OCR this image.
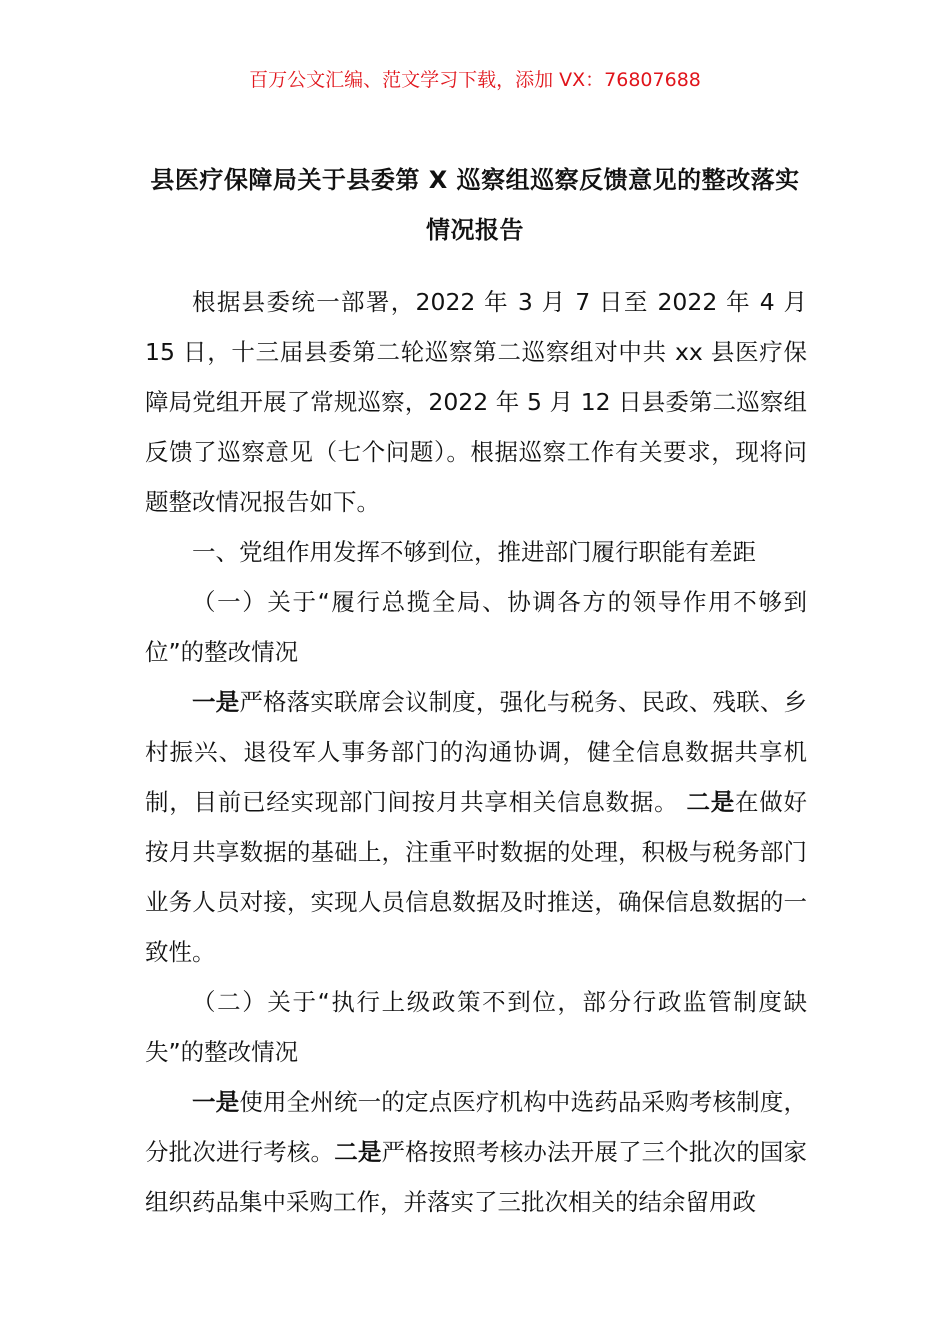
百万公文汇编、范文学习下载，添加 VX：76807688
县医疗保障局关于县委第 X 巡察组巡察反馈意见的整改落实情况报告

根据县委统一部署，2022 年 3 月 7 日至 2022 年 4 月 15 日，十三届县委第二轮巡察第二巡察组对中共 xx 县医疗保障局党组开展了常规巡察，2022 年 5 月 12 日县委第二巡察组反馈了巡察意见（七个问题）。根据巡察工作有关要求，现将问题整改情况报告如下。

一、党组作用发挥不够到位，推进部门履行职能有差距

（一）关于“履行总揽全局、协调各方的领导作用不够到位”的整改情况

一是严格落实联席会议制度，强化与税务、民政、残联、乡村振兴、退役军人事务部门的沟通协调，健全信息数据共享机制，目前已经实现部门间按月共享相关信息数据。 二是在做好按月共享数据的基础上，注重平时数据的处理，积极与税务部门业务人员对接，实现人员信息数据及时推送，确保信息数据的一致性。

（二）关于“执行上级政策不到位，部分行政监管制度缺失”的整改情况

一是使用全州统一的定点医疗机构中选药品采购考核制度，分批次进行考核。二是严格按照考核办法开展了三个批次的国家组织药品集中采购工作，并落实了三批次相关的结余留用政
